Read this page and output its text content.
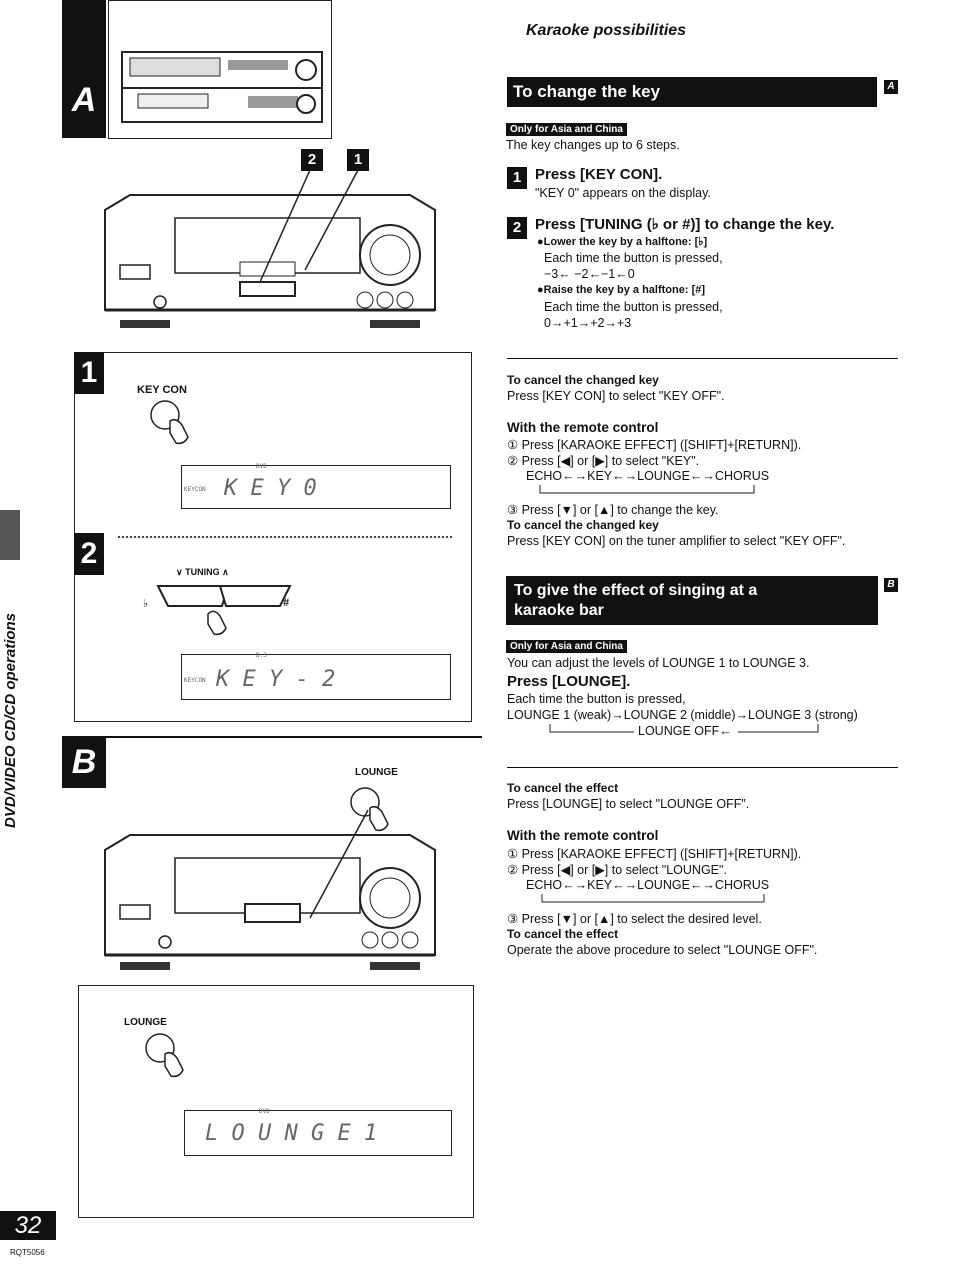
A
2	1
1
KEY CON
KEYCON
DVD
K E Y 0
2
∨ TUNING ∧
♭	#
KEYCON
D.3
K E Y - 2
B	LOUNGE
LOUNGE
DVD
L O U N G E 1
DVD/VIDEO CD/CD operations
32
RQT5056
Karaoke possibilities
To change the key	A
Only for Asia and China
The key changes up to 6 steps.
1 Press [KEY CON].
"KEY 0" appears on the display.
2 Press [TUNING (♭ or #)] to change the key.
●Lower the key by a halftone: [♭]
Each time the button is pressed,
−3← −2←−1←0
●Raise the key by a halftone: [#]
Each time the button is pressed,
0→+1→+2→+3
To cancel the changed key
Press [KEY CON] to select "KEY OFF".
With the remote control
① Press [KARAOKE EFFECT] ([SHIFT]+[RETURN]).
② Press [◀] or [▶] to select "KEY".
ECHO←→KEY←→LOUNGE←→CHORUS
③ Press [▼] or [▲] to change the key.
To cancel the changed key
Press [KEY CON] on the tuner amplifier to select "KEY OFF".
To give the effect of singing at a
karaoke bar
B
Only for Asia and China
You can adjust the levels of LOUNGE 1 to LOUNGE 3.
Press [LOUNGE].
Each time the button is pressed,
LOUNGE 1 (weak)→LOUNGE 2 (middle)→LOUNGE 3 (strong)
LOUNGE OFF←
To cancel the effect
Press [LOUNGE] to select "LOUNGE OFF".
With the remote control
① Press [KARAOKE EFFECT] ([SHIFT]+[RETURN]).
② Press [◀] or [▶] to select "LOUNGE".
ECHO←→KEY←→LOUNGE←→CHORUS
③ Press [▼] or [▲] to select the desired level.
To cancel the effect
Operate the above procedure to select "LOUNGE OFF".
